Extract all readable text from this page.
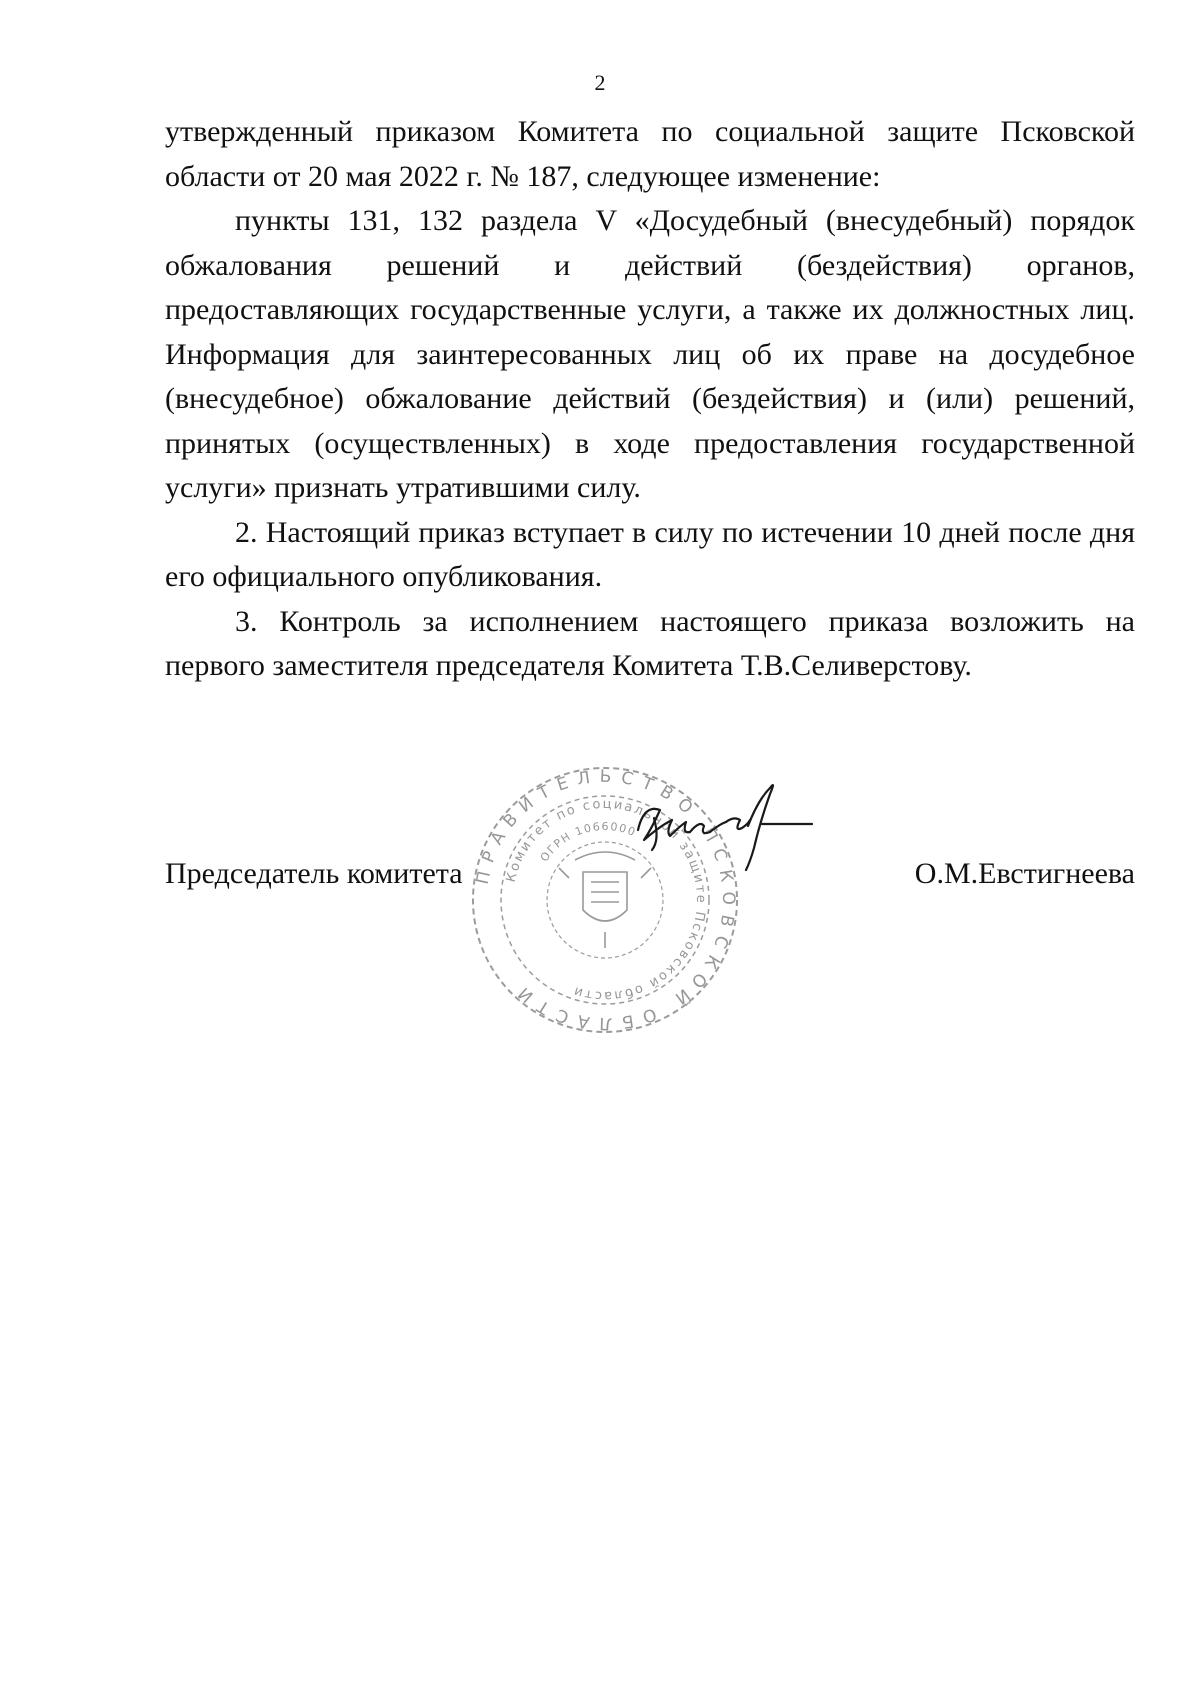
2

утвержденный приказом Комитета по социальной защите Псковской области от 20 мая 2022 г. № 187, следующее изменение:

пункты 131, 132 раздела V «Досудебный (внесудебный) порядок обжалования решений и действий (бездействия) органов, предоставляющих государственные услуги, а также их должностных лиц. Информация для заинтересованных лиц об их праве на досудебное (внесудебное) обжалование действий (бездействия) и (или) решений, принятых (осуществленных) в ходе предоставления государственной услуги» признать утратившими силу.

2. Настоящий приказ вступает в силу по истечении 10 дней после дня его официального опубликования.

3. Контроль за исполнением настоящего приказа возложить на первого заместителя председателя Комитета Т.В.Селиверстову.

ПРАВИТЕЛЬСТВО ПСКОВСКОЙ ОБЛАСТИ
Комитет по социальной защите Псковской области
ОГРН 1066000
Председатель комитета	О.М.Евстигнеева
